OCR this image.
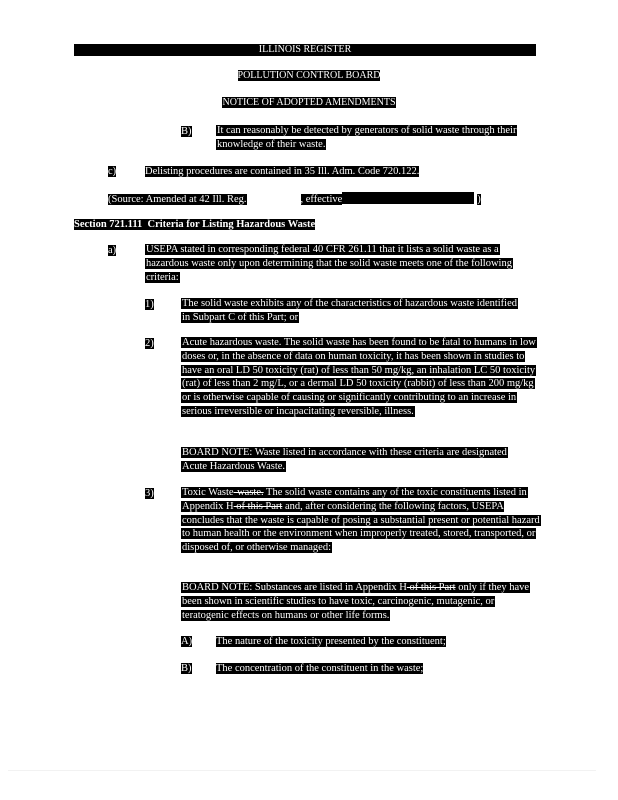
ILLINOIS REGISTER
POLLUTION CONTROL BOARD
NOTICE OF ADOPTED AMENDMENTS
B) It can reasonably be detected by generators of solid waste through their knowledge of their waste.
c)	Delisting procedures are contained in 35 Ill. Adm. Code 720.122.
(Source: Amended at 42 Ill. Reg.	, effective	)
Section 721.111 Criteria for Listing Hazardous Waste
a)	USEPA stated in corresponding federal 40 CFR 261.11 that it lists a solid waste as a hazardous waste only upon determining that the solid waste meets one of the following criteria:
1)	The solid waste exhibits any of the characteristics of hazardous waste identified in Subpart C of this Part; or
2)	Acute hazardous waste. The solid waste has been found to be fatal to humans in low doses or, in the absence of data on human toxicity, it has been shown in studies to have an oral LD 50 toxicity (rat) of less than 50 mg/kg, an inhalation LC 50 toxicity (rat) of less than 2 mg/L, or a dermal LD 50 toxicity (rabbit) of less than 200 mg/kg or is otherwise capable of causing or significantly contributing to an increase in serious irreversible or incapacitating reversible, illness.
BOARD NOTE: Waste listed in accordance with these criteria are designated Acute Hazardous Waste.
3)	Toxic Waste-waste. The solid waste contains any of the toxic constituents listed in Appendix H of this Part and, after considering the following factors, USEPA concludes that the waste is capable of posing a substantial present or potential hazard to human health or the environment when improperly treated, stored, transported, or disposed of, or otherwise managed:
BOARD NOTE: Substances are listed in Appendix H of this Part only if they have been shown in scientific studies to have toxic, carcinogenic, mutagenic, or teratogenic effects on humans or other life forms.
A) The nature of the toxicity presented by the constituent;
B) The concentration of the constituent in the waste;
